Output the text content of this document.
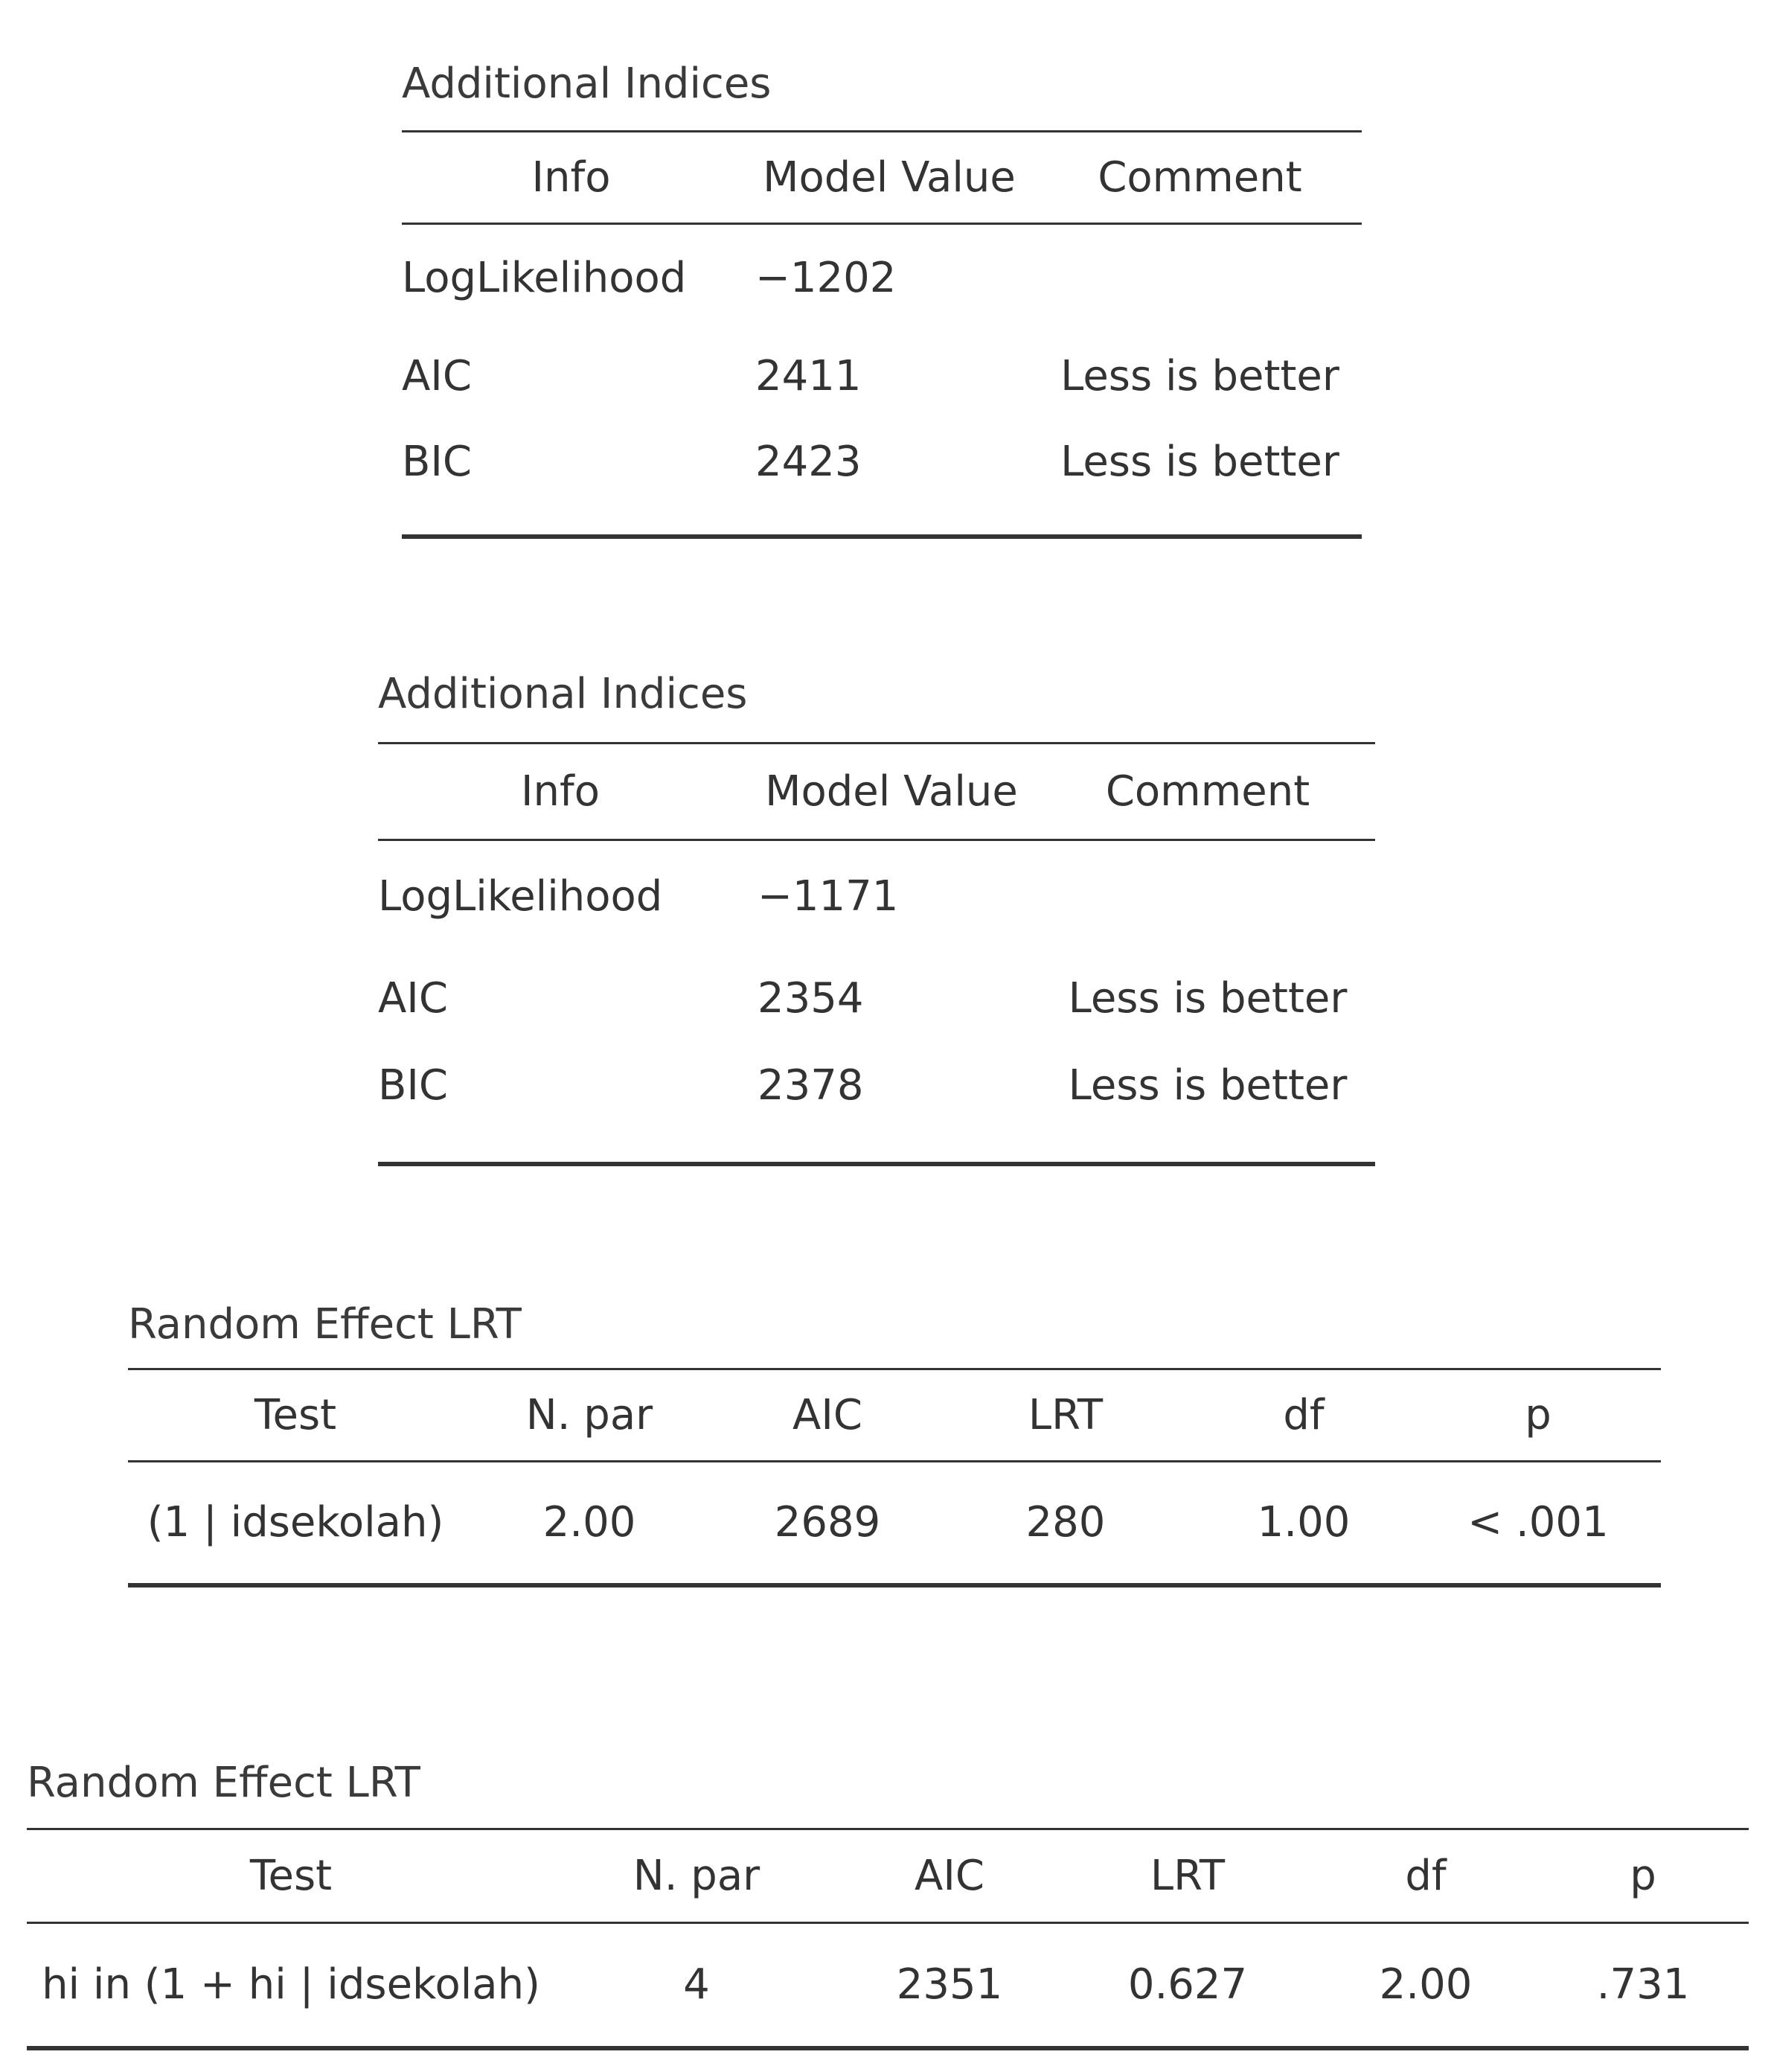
Additional Indices
Info	Model Value	Comment
LogLikelihood	−1202	
AIC	2411	Less is better
BIC	2423	Less is better
Additional Indices
Info	Model Value	Comment
LogLikelihood	−1171	
AIC	2354	Less is better
BIC	2378	Less is better
Random Effect LRT
Test	N. par	AIC	LRT	df	p
(1 | idsekolah)	2.00	2689	280	1.00	< .001
Random Effect LRT
Test	N. par	AIC	LRT	df	p
hi in (1 + hi | idsekolah)	4	2351	0.627	2.00	.731
